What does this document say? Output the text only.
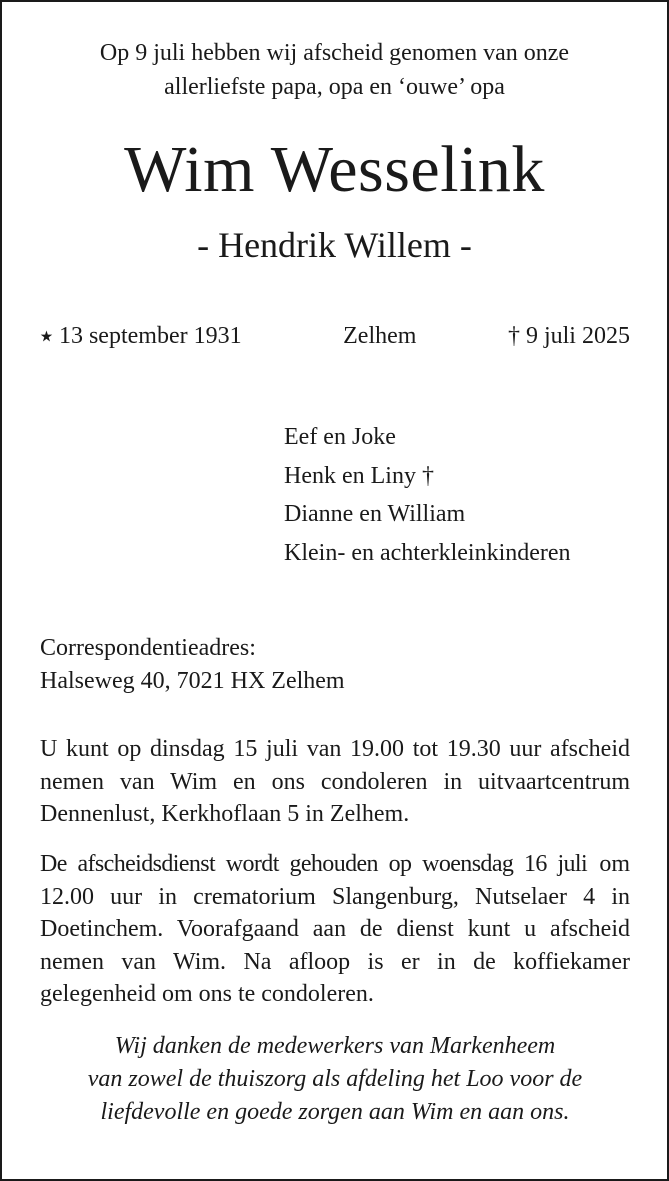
Op 9 juli hebben wij afscheid genomen van onze
allerliefste papa, opa en ‘ouwe’ opa
Wim Wesselink
- Hendrik Willem -
⭑ 13 september 1931	Zelhem	† 9 juli 2025
Eef en Joke
Henk en Liny †
Dianne en William
Klein- en achterkleinkinderen
Correspondentieadres:
Halseweg 40, 7021 HX Zelhem
U kunt op dinsdag 15 juli van 19.00 tot 19.30 uur afscheid nemen van Wim en ons condoleren in uitvaartcentrum Dennenlust, Kerkhoflaan 5 in Zelhem.
De afscheidsdienst wordt gehouden op woensdag 16 juli om 12.00 uur in crematorium Slangenburg, Nutselaer 4 in Doetinchem. Voorafgaand aan de dienst kunt u afscheid nemen van Wim. Na afloop is er in de koffiekamer gelegenheid om ons te condoleren.
Wij danken de medewerkers van Markenheem
van zowel de thuiszorg als afdeling het Loo voor de
liefdevolle en goede zorgen aan Wim en aan ons.
